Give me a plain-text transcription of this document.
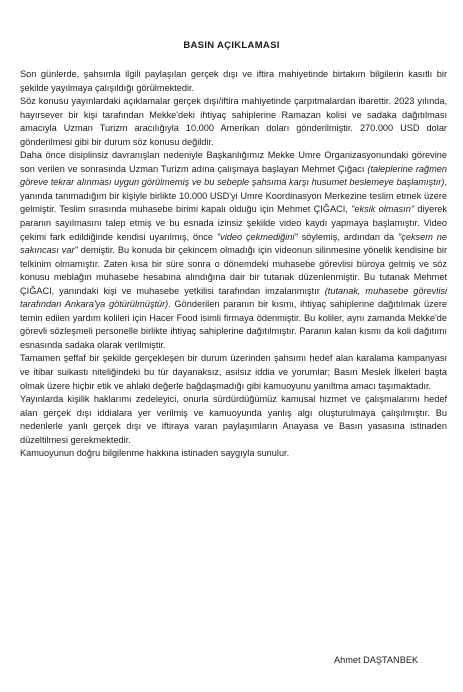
BASIN AÇIKLAMASI

Son günlerde, şahsımla ilgili paylaşılan gerçek dışı ve iftira mahiyetinde birtakım bilgilerin kasıtlı bir şekilde yayılmaya çalışıldığı görülmektedir.

Söz konusu yayınlardaki açıklamalar gerçek dışı/iftira mahiyetinde çarpıtmalardan ibarettir. 2023 yılında, hayırsever bir kişi tarafından Mekke'deki ihtiyaç sahiplerine Ramazan kolisi ve sadaka dağıtılması amacıyla Uzman Turizm aracılığıyla 10.000 Amerikan doları gönderilmiştir. 270.000 USD dolar gönderilmesi gibi bir durum söz konusu değildir.

Daha önce disiplinsiz davranışları nedeniyle Başkanlığımız Mekke Umre Organizasyonundaki görevine son verilen ve sonrasında Uzman Turizm adına çalışmaya başlayan Mehmet Çığacı (taleplerine rağmen göreve tekrar alınması uygun görülmemiş ve bu sebeple şahsıma karşı husumet beslemeye başlamıştır), yanında tanımadığım bir kişiyle birlikte 10.000 USD'yi Umre Koordinasyon Merkezine teslim etmek üzere gelmiştir. Teslim sırasında muhasebe birimi kapalı olduğu için Mehmet ÇIĞACI, "eksik olmasın" diyerek paranın sayılmasını talep etmiş ve bu esnada izinsiz şekilde video kaydı yapmaya başlamıştır. Video çekimi fark edildiğinde kendisi uyarılmış, önce "video çekmediğini" söylemiş, ardından da "çeksem ne sakıncası var" demiştir. Bu konuda bir çekincem olmadığı için videonun silinmesine yönelik kendisine bir telkinim olmamıştır. Zaten kısa bir süre sonra o dönemdeki muhasebe görevlisi büroya gelmiş ve söz konusu meblağın muhasebe hesabına alındığına dair bir tutanak düzenlenmiştir. Bu tutanak Mehmet ÇIĞACI, yanındaki kişi ve muhasebe yetkilisi tarafından imzalanmıştır (tutanak, muhasebe görevlisi tarafından Ankara'ya götürülmüştür). Gönderilen paranın bir kısmı, ihtiyaç sahiplerine dağıtılmak üzere temin edilen yardım kolileri için Hacer Food isimli firmaya ödenmiştir. Bu koliler, aynı zamanda Mekke'de görevli sözleşmeli personelle birlikte ihtiyaç sahiplerine dağıtılmıştır. Paranın kalan kısmı da koli dağıtımı esnasında sadaka olarak verilmiştir.

Tamamen şeffaf bir şekilde gerçekleşen bir durum üzerinden şahsımı hedef alan karalama kampanyası ve itibar suikastı niteliğindeki bu tür dayanaksız, asılsız iddia ve yorumlar; Basın Meslek İlkeleri başta olmak üzere hiçbir etik ve ahlaki değerle bağdaşmadığı gibi kamuoyunu yanıltma amacı taşımaktadır.

Yayınlarda kişilik haklarımı zedeleyici, onurla sürdürdüğümüz kamusal hizmet ve çalışmalarımı hedef alan gerçek dışı iddialara yer verilmiş ve kamuoyunda yanlış algı oluşturulmaya çalışılmıştır. Bu nedenlerle yanlı gerçek dışı ve iftiraya varan paylaşımların Anayasa ve Basın yasasına istinaden düzeltilmesi gerekmektedir.

Kamuoyunun doğru bilgilenme hakkına istinaden saygıyla sunulur.

Ahmet DAŞTANBEK
